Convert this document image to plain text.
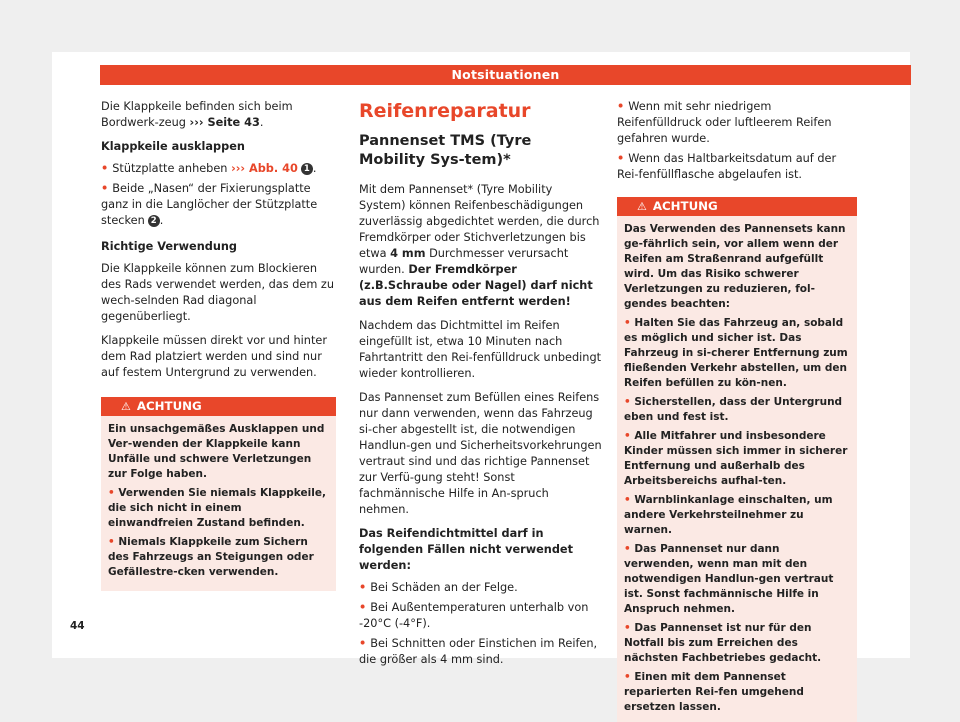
Notsituationen

Die Klappkeile befinden sich beim Bordwerk-zeug ››› Seite 43.

Klappkeile ausklappen
• Stützplatte anheben ››› Abb. 40 1 .
• Beide „Nasen“ der Fixierungsplatte ganz in die Langlöcher der Stützplatte stecken 2 .
Richtige Verwendung

Die Klappkeile können zum Blockieren des Rads verwendet werden, das dem zu wech-selnden Rad diagonal gegenüberliegt.

Klappkeile müssen direkt vor und hinter dem Rad platziert werden und sind nur auf festem Untergrund zu verwenden.

⚠ ACHTUNG

Ein unsachgemäßes Ausklappen und Ver-wenden der Klappkeile kann Unfälle und schwere Verletzungen zur Folge haben.

• Verwenden Sie niemals Klappkeile, die sich nicht in einem einwandfreien Zustand befinden.

• Niemals Klappkeile zum Sichern des Fahrzeugs an Steigungen oder Gefällestre-cken verwenden.

Reifenreparatur
Pannenset TMS (Tyre Mobility Sys-tem)*

Mit dem Pannenset* (Tyre Mobility System) können Reifenbeschädigungen zuverlässig abgedichtet werden, die durch Fremdkörper oder Stichverletzungen bis etwa 4 mm Durchmesser verursacht wurden. Der Fremdkörper (z.B.Schraube oder Nagel) darf nicht aus dem Reifen entfernt werden!

Nachdem das Dichtmittel im Reifen eingefüllt ist, etwa 10 Minuten nach Fahrtantritt den Rei-fenfülldruck unbedingt wieder kontrollieren.

Das Pannenset zum Befüllen eines Reifens nur dann verwenden, wenn das Fahrzeug si-cher abgestellt ist, die notwendigen Handlun-gen und Sicherheitsvorkehrungen vertraut sind und das richtige Pannenset zur Verfü-gung steht! Sonst fachmännische Hilfe in An-spruch nehmen.

Das Reifendichtmittel darf in folgenden Fällen nicht verwendet werden:
• Bei Schäden an der Felge.
• Bei Außentemperaturen unterhalb von -20°C (-4°F).
• Bei Schnitten oder Einstichen im Reifen, die größer als 4 mm sind.
• Wenn mit sehr niedrigem Reifenfülldruck oder luftleerem Reifen gefahren wurde.
• Wenn das Haltbarkeitsdatum auf der Rei-fenfüllflasche abgelaufen ist.
⚠ ACHTUNG

Das Verwenden des Pannensets kann ge-fährlich sein, vor allem wenn der Reifen am Straßenrand aufgefüllt wird. Um das Risiko schwerer Verletzungen zu reduzieren, fol-gendes beachten:

• Halten Sie das Fahrzeug an, sobald es möglich und sicher ist. Das Fahrzeug in si-cherer Entfernung zum fließenden Verkehr abstellen, um den Reifen befüllen zu kön-nen.

• Sicherstellen, dass der Untergrund eben und fest ist.

• Alle Mitfahrer und insbesondere Kinder müssen sich immer in sicherer Entfernung und außerhalb des Arbeitsbereichs aufhal-ten.

• Warnblinkanlage einschalten, um andere Verkehrsteilnehmer zu warnen.

• Das Pannenset nur dann verwenden, wenn man mit den notwendigen Handlun-gen vertraut ist. Sonst fachmännische Hilfe in Anspruch nehmen.

• Das Pannenset ist nur für den Notfall bis zum Erreichen des nächsten Fachbetriebes gedacht.

• Einen mit dem Pannenset reparierten Rei-fen umgehend ersetzen lassen.

44
